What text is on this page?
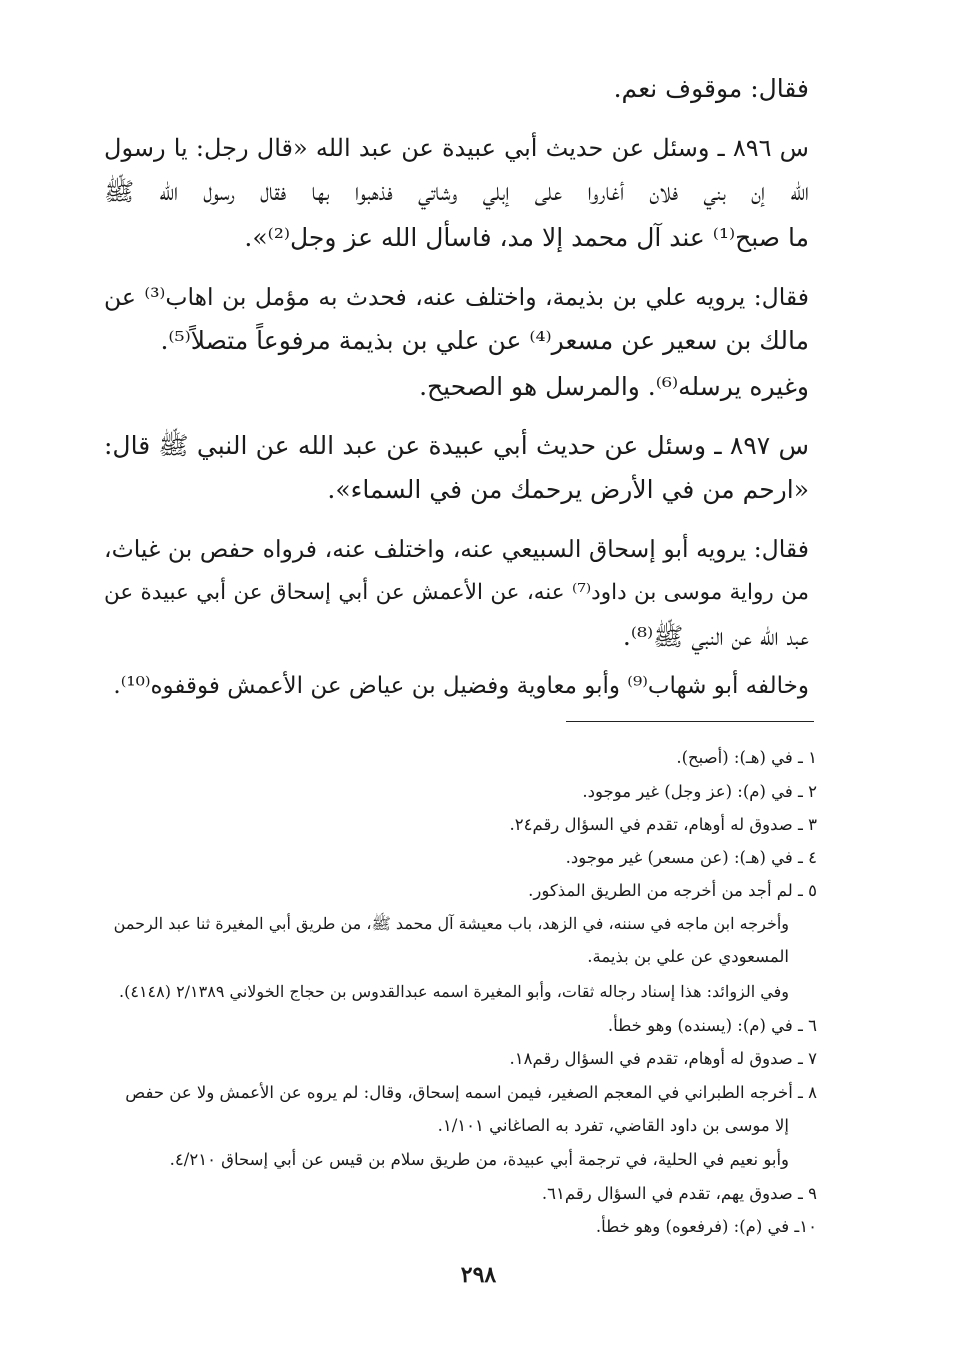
فقال: موقوف نعم.
س ٨٩٦ ـ وسئل عن حديث أبي عبيدة عن عبد الله «قال رجل: يا رسول
الله إن بني فلان أغاروا على إبلي وشاتي فذهبوا بها فقال رسول الله ﷺ
ما صبح⁽¹⁾ عند آل محمد إلا مد، فاسأل الله عز وجل⁽²⁾».
فقال: يرويه علي بن بذيمة، واختلف عنه، فحدث به مؤمل بن اهاب⁽³⁾ عن
مالك بن سعير عن مسعر⁽⁴⁾ عن علي بن بذيمة مرفوعاً متصلاً⁽⁵⁾.
وغيره يرسله⁽⁶⁾. والمرسل هو الصحيح.
س ٨٩٧ ـ وسئل عن حديث أبي عبيدة عن عبد الله عن النبي ﷺ قال:
«ارحم من في الأرض يرحمك من في السماء».
فقال: يرويه أبو إسحاق السبيعي عنه، واختلف عنه، فرواه حفص بن غياث،
من رواية موسى بن داود⁽⁷⁾ عنه، عن الأعمش عن أبي إسحاق عن أبي عبيدة عن
عبد الله عن النبي ﷺ⁽⁸⁾.
وخالفه أبو شهاب⁽⁹⁾ وأبو معاوية وفضيل بن عياض عن الأعمش فوقفوه⁽¹⁰⁾.
١ ـ في (هـ): (أصبح).
٢ ـ في (م): (عز وجل) غير موجود.
٣ ـ صدوق له أوهام، تقدم في السؤال رقم٢٤.
٤ ـ في (هـ): (عن مسعر) غير موجود.
٥ ـ لم أجد من أخرجه من الطريق المذكور.
وأخرجه ابن ماجه في سننه، في الزهد، باب معيشة آل محمد ﷺ، من طريق أبي المغيرة ثنا عبد الرحمن
المسعودي عن علي بن بذيمة.
وفي الزوائد: هذا إسناد رجاله ثقات، وأبو المغيرة اسمه عبدالقدوس بن حجاج الخولاني ٢/١٣٨٩ (٤١٤٨).
٦ ـ في (م): (يسنده) وهو خطأ.
٧ ـ صدوق له أوهام، تقدم في السؤال رقم١٨.
٨ ـ أخرجه الطبراني في المعجم الصغير، فيمن اسمه إسحاق، وقال: لم يروه عن الأعمش ولا عن حفص
إلا موسى بن داود القاضي، تفرد به الصاغاني ١/١٠١.
وأبو نعيم في الحلية، في ترجمة أبي عبيدة، من طريق سلام بن قيس عن أبي إسحاق ٤/٢١٠.
٩ ـ صدوق يهم، تقدم في السؤال رقم٦١.
١٠ـ في (م): (فرفعوه) وهو خطأ.
٢٩٨
